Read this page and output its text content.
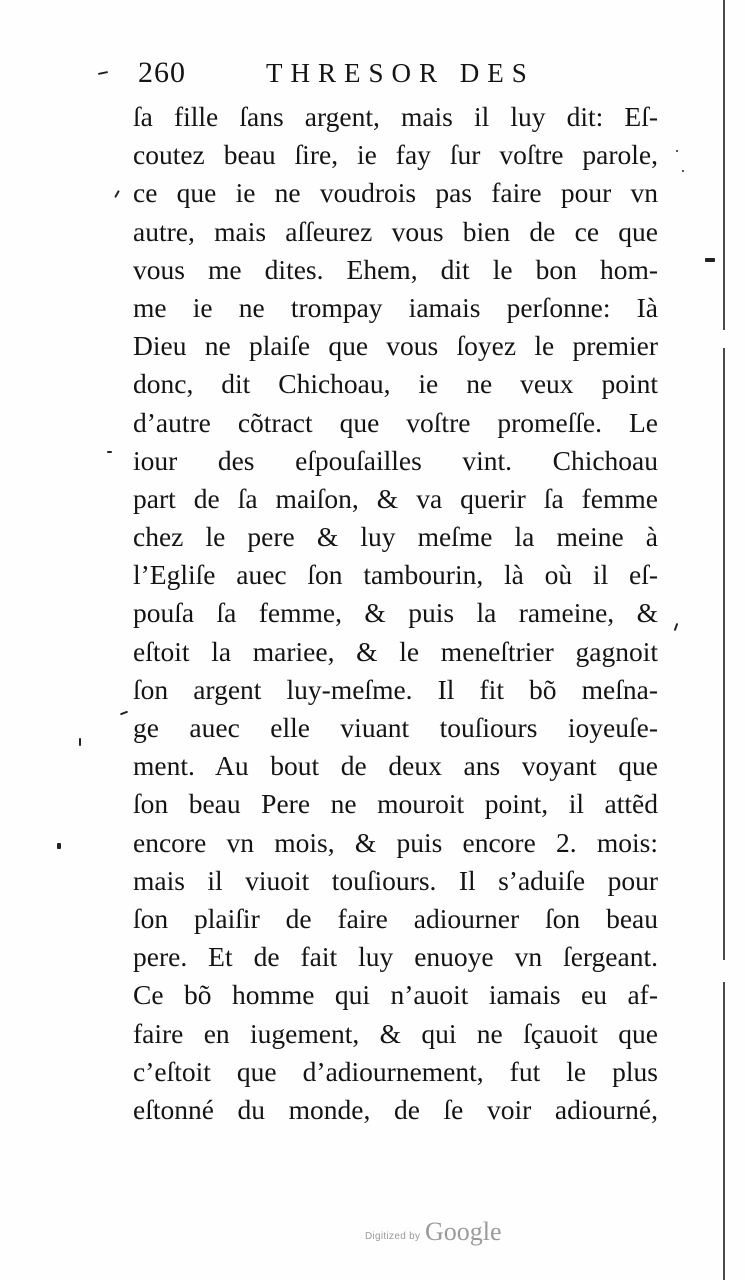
260	THRESOR DES
ſa fille ſans argent, mais il luy dit: Eſ-
coutez beau ſire, ie fay ſur voſtre parole,
ce que ie ne voudrois pas faire pour vn
autre, mais aſſeurez vous bien de ce que
vous me dites. Ehem, dit le bon hom-
me ie ne trompay iamais perſonne: Ià
Dieu ne plaiſe que vous ſoyez le premier
donc, dit Chichoau, ie ne veux point
d’autre cõtract que voſtre promeſſe. Le
iour des eſpouſailles vint. Chichoau
part de ſa maiſon, & va querir ſa femme
chez le pere & luy meſme la meine à
l’Egliſe auec ſon tambourin, là où il eſ-
pouſa ſa femme, & puis la rameine, &
eſtoit la mariee, & le meneſtrier gagnoit
ſon argent luy-meſme. Il fit bõ meſna-
ge auec elle viuant touſiours ioyeuſe-
ment. Au bout de deux ans voyant que
ſon beau Pere ne mouroit point, il attẽd
encore vn mois, & puis encore 2. mois:
mais il viuoit touſiours. Il s’aduiſe pour
ſon plaiſir de faire adiourner ſon beau
pere. Et de fait luy enuoye vn ſergeant.
Ce bõ homme qui n’auoit iamais eu af-
faire en iugement, & qui ne ſçauoit que
c’eſtoit que d’adiournement, fut le plus
eſtonné du monde, de ſe voir adiourné,
Digitized by Google
